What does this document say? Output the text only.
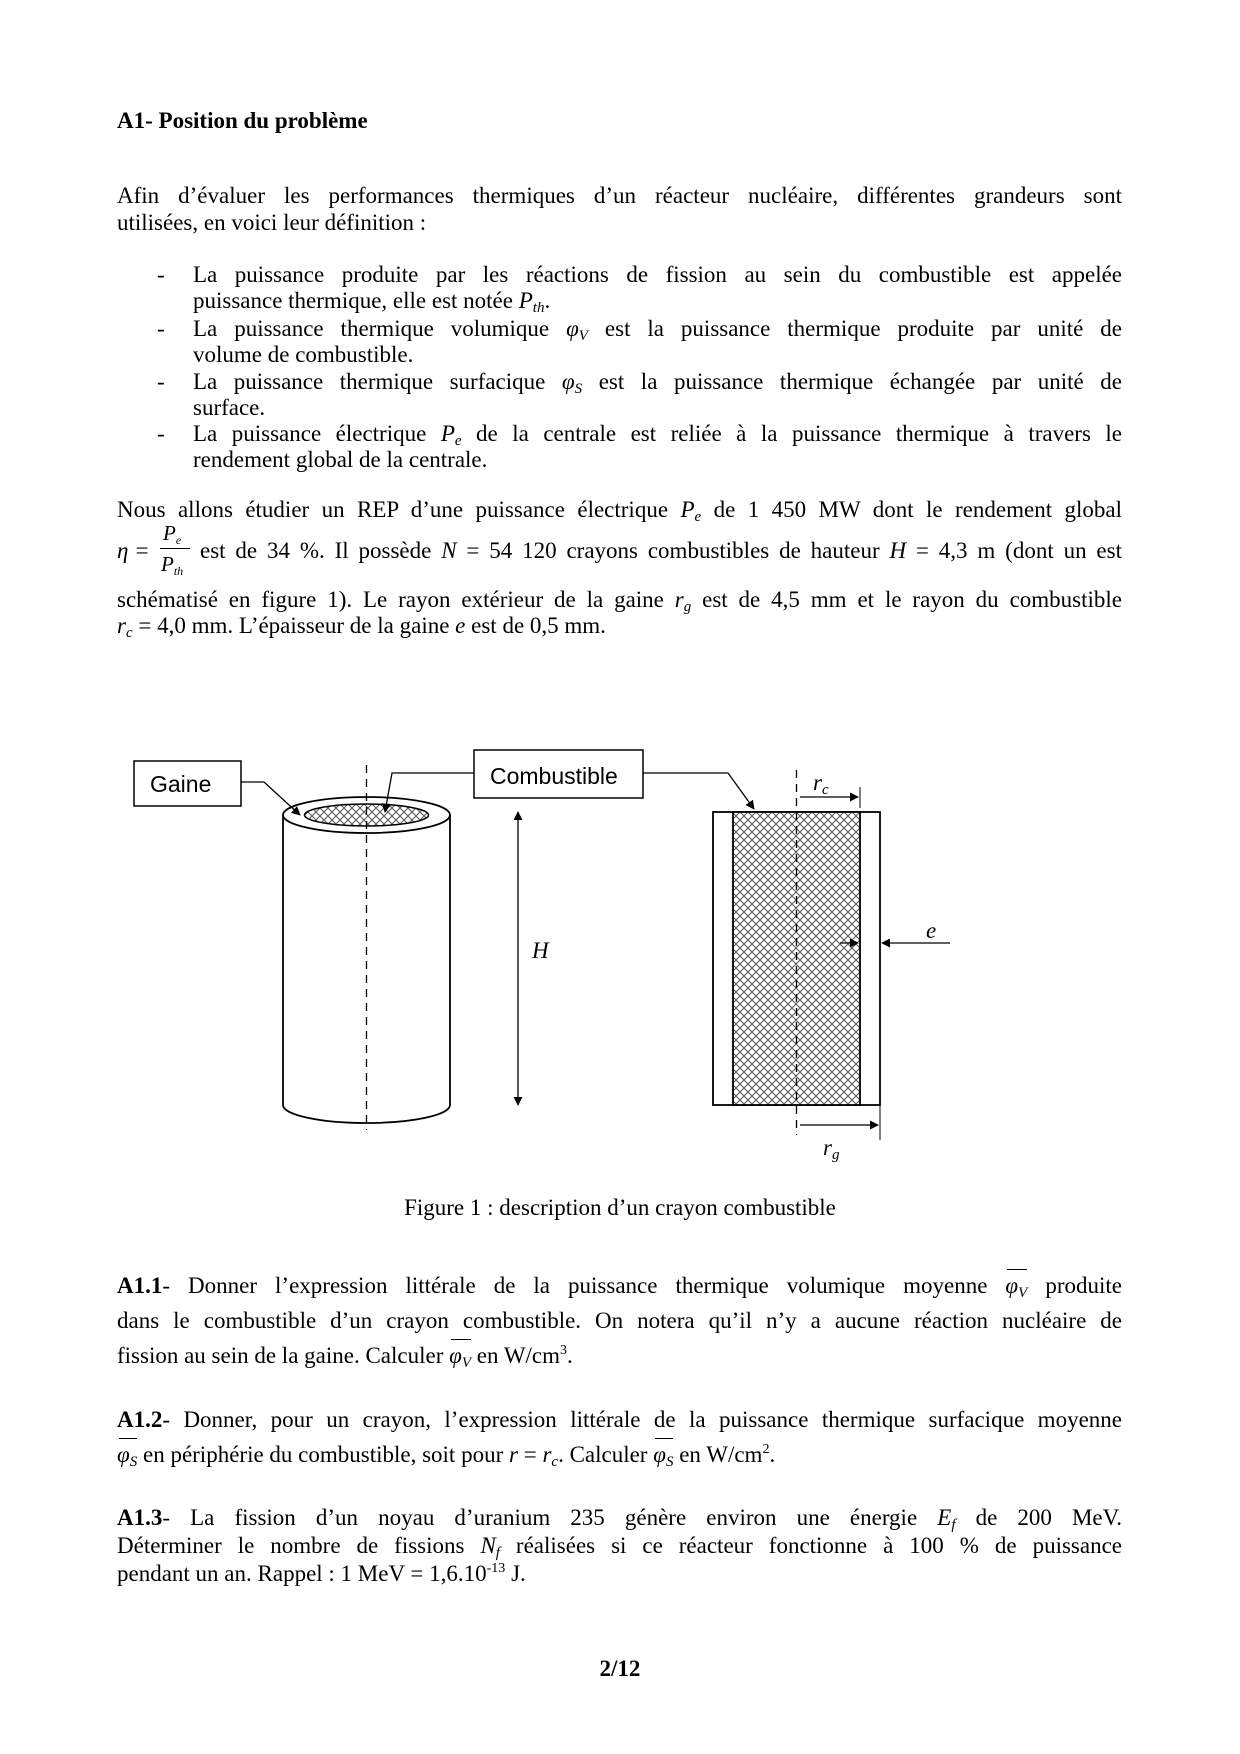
A1- Position du problème
Afin d’évaluer les performances thermiques d’un réacteur nucléaire, différentes grandeurs sont
utilisées, en voici leur définition :
- La puissance produite par les réactions de fission au sein du combustible est appelée
puissance thermique, elle est notée $P_{th}$.
- La puissance thermique volumique $\varphi_V$ est la puissance thermique produite par unité de
volume de combustible.
- La puissance thermique surfacique $\varphi_S$ est la puissance thermique échangée par unité de
surface.
- La puissance électrique $P_e$ de la centrale est reliée à la puissance thermique à travers le
rendement global de la centrale.
Nous allons étudier un REP d’une puissance électrique $P_e$ de 1 450 MW dont le rendement global
η =
$P_e$
$P_{th}$
est de 34 %. Il possède N = 54 120 crayons combustibles de hauteur H = 4,3 m (dont un est
schématisé en figure 1). Le rayon extérieur de la gaine $r_g$ est de 4,5 mm et le rayon du combustible
$r_c = 4,0$ mm. L’épaisseur de la gaine e est de 0,5 mm.
Gaine	Combustible
H
e
$r_c$
$r_g$
Figure 1 : description d’un crayon combustible
A1.1- Donner l’expression littérale de la puissance thermique volumique moyenne $\varphi_V$ produite
dans le combustible d’un crayon combustible. On notera qu’il n’y a aucune réaction nucléaire de
fission au sein de la gaine. Calculer $\varphi_V$ en $W/cm^3$.
A1.2- Donner, pour un crayon, l’expression littérale de la puissance thermique surfacique moyenne
$\varphi_S$ en périphérie du combustible, soit pour $r = r_c$. Calculer $\varphi_S$ en $W/cm^2$.
A1.3- La fission d’un noyau d’uranium 235 génère environ une énergie $E_f$ de 200 MeV.
Déterminer le nombre de fissions $N_f$ réalisées si ce réacteur fonctionne à 100 % de puissance
pendant un an. Rappel : 1 MeV = $1,6.10^{-13}$ J.
2/12
